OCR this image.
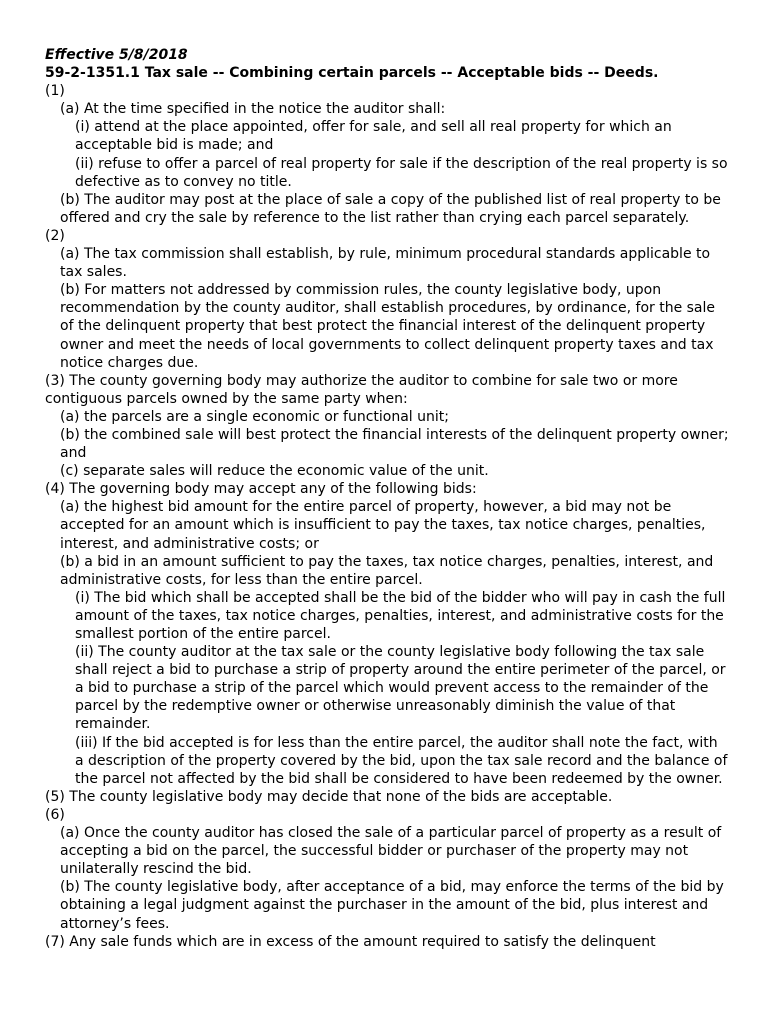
Effective 5/8/2018
59-2-1351.1 Tax sale -- Combining certain parcels -- Acceptable bids -- Deeds.
(1)
(a) At the time specified in the notice the auditor shall:
(i) attend at the place appointed, offer for sale, and sell all real property for which an acceptable bid is made; and
(ii) refuse to offer a parcel of real property for sale if the description of the real property is so defective as to convey no title.
(b) The auditor may post at the place of sale a copy of the published list of real property to be offered and cry the sale by reference to the list rather than crying each parcel separately.
(2)
(a) The tax commission shall establish, by rule, minimum procedural standards applicable to tax sales.
(b) For matters not addressed by commission rules, the county legislative body, upon recommendation by the county auditor, shall establish procedures, by ordinance, for the sale of the delinquent property that best protect the financial interest of the delinquent property owner and meet the needs of local governments to collect delinquent property taxes and tax notice charges due.
(3) The county governing body may authorize the auditor to combine for sale two or more contiguous parcels owned by the same party when:
(a) the parcels are a single economic or functional unit;
(b) the combined sale will best protect the financial interests of the delinquent property owner; and
(c) separate sales will reduce the economic value of the unit.
(4) The governing body may accept any of the following bids:
(a) the highest bid amount for the entire parcel of property, however, a bid may not be accepted for an amount which is insufficient to pay the taxes, tax notice charges, penalties, interest, and administrative costs; or
(b) a bid in an amount sufficient to pay the taxes, tax notice charges, penalties, interest, and administrative costs, for less than the entire parcel.
(i) The bid which shall be accepted shall be the bid of the bidder who will pay in cash the full amount of the taxes, tax notice charges, penalties, interest, and administrative costs for the smallest portion of the entire parcel.
(ii) The county auditor at the tax sale or the county legislative body following the tax sale shall reject a bid to purchase a strip of property around the entire perimeter of the parcel, or a bid to purchase a strip of the parcel which would prevent access to the remainder of the parcel by the redemptive owner or otherwise unreasonably diminish the value of that remainder.
(iii) If the bid accepted is for less than the entire parcel, the auditor shall note the fact, with a description of the property covered by the bid, upon the tax sale record and the balance of the parcel not affected by the bid shall be considered to have been redeemed by the owner.
(5) The county legislative body may decide that none of the bids are acceptable.
(6)
(a) Once the county auditor has closed the sale of a particular parcel of property as a result of accepting a bid on the parcel, the successful bidder or purchaser of the property may not unilaterally rescind the bid.
(b) The county legislative body, after acceptance of a bid, may enforce the terms of the bid by obtaining a legal judgment against the purchaser in the amount of the bid, plus interest and attorney’s fees.
(7) Any sale funds which are in excess of the amount required to satisfy the delinquent
